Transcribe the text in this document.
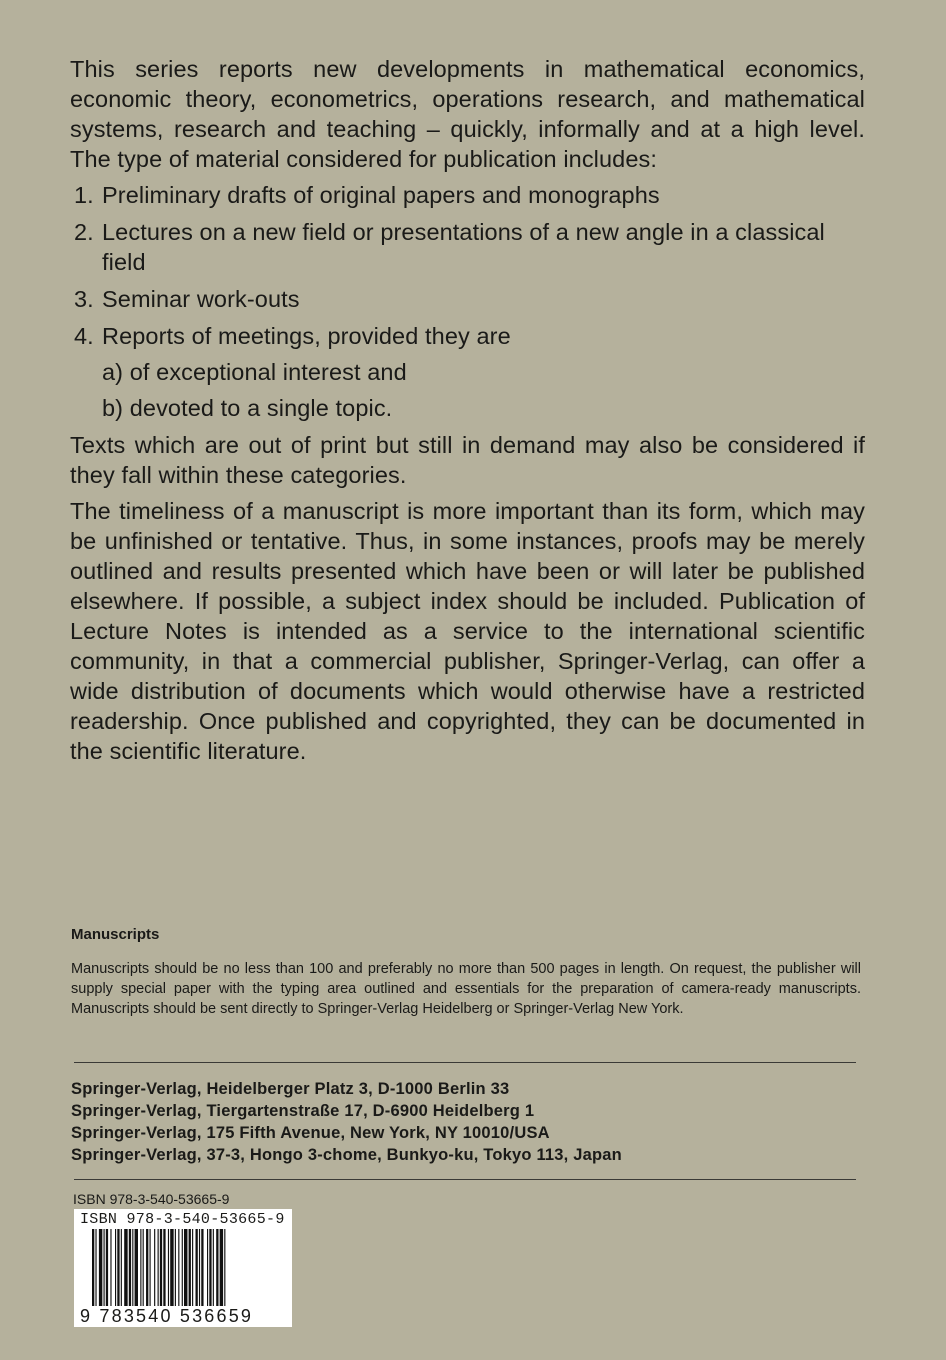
This series reports new developments in mathematical economics, economic theory, econometrics, operations research, and mathematical systems, research and teaching – quickly, informally and at a high level. The type of material considered for publication includes:

1. Preliminary drafts of original papers and monographs
2. Lectures on a new field or presentations of a new angle in a classical field
3. Seminar work-outs
4. Reports of meetings, provided they are
a) of exceptional interest and
b) devoted to a single topic.

Texts which are out of print but still in demand may also be considered if they fall within these categories.

The timeliness of a manuscript is more important than its form, which may be unfinished or tentative. Thus, in some instances, proofs may be merely outlined and results presented which have been or will later be published elsewhere. If possible, a subject index should be included. Publication of Lecture Notes is intended as a service to the international scientific community, in that a commercial publisher, Springer-Verlag, can offer a wide distribution of documents which would otherwise have a restricted readership. Once published and copyrighted, they can be documented in the scientific literature.

Manuscripts

Manuscripts should be no less than 100 and preferably no more than 500 pages in length. On request, the publisher will supply special paper with the typing area outlined and essentials for the preparation of camera-ready manuscripts. Manuscripts should be sent directly to Springer-Verlag Heidelberg or Springer-Verlag New York.

Springer-Verlag, Heidelberger Platz 3, D-1000 Berlin 33
Springer-Verlag, Tiergartenstraße 17, D-6900 Heidelberg 1
Springer-Verlag, 175 Fifth Avenue, New York, NY 10010/USA
Springer-Verlag, 37-3, Hongo 3-chome, Bunkyo-ku, Tokyo 113, Japan
ISBN 978-3-540-53665-9
ISBN 978-3-540-53665-9
9 783540 536659
